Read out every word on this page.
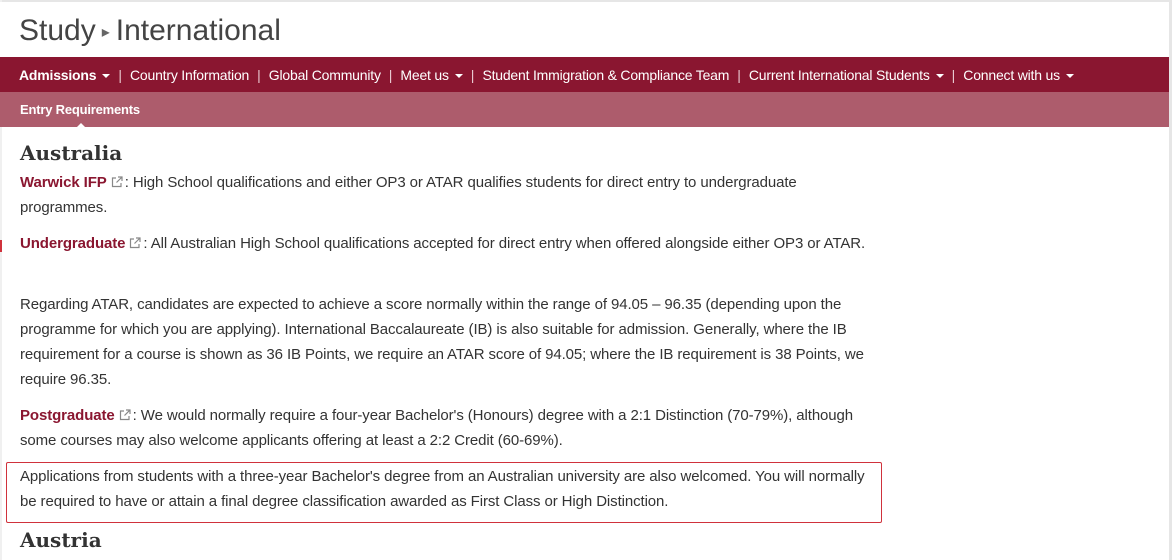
Study ▸ International
Admissions | Country Information | Global Community | Meet us | Student Immigration & Compliance Team | Current International Students | Connect with us
Entry Requirements
Australia

Warwick IFP : High School qualifications and either OP3 or ATAR qualifies students for direct entry to undergraduate programmes.

Undergraduate : All Australian High School qualifications accepted for direct entry when offered alongside either OP3 or ATAR.

Regarding ATAR, candidates are expected to achieve a score normally within the range of 94.05 – 96.35 (depending upon the programme for which you are applying). International Baccalaureate (IB) is also suitable for admission. Generally, where the IB requirement for a course is shown as 36 IB Points, we require an ATAR score of 94.05; where the IB requirement is 38 Points, we require 96.35.

Postgraduate : We would normally require a four-year Bachelor's (Honours) degree with a 2:1 Distinction (70-79%), although some courses may also welcome applicants offering at least a 2:2 Credit (60-69%).

Applications from students with a three-year Bachelor's degree from an Australian university are also welcomed. You will normally be required to have or attain a final degree classification awarded as First Class or High Distinction.

Austria
